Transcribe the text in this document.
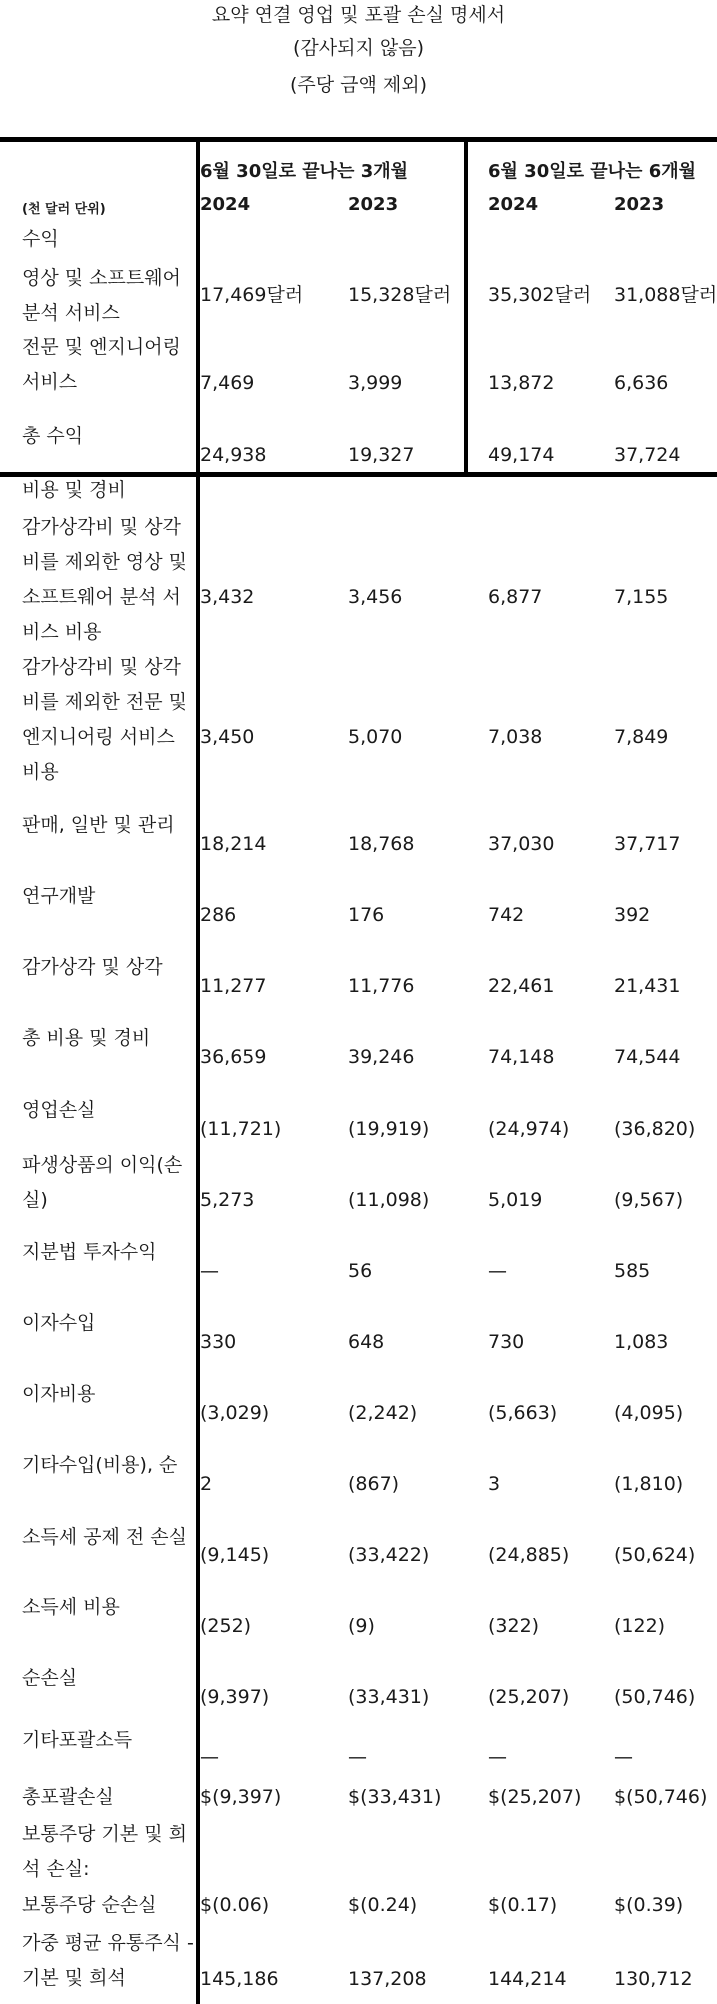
요약 연결 영업 및 포괄 손실 명세서
(감사되지 않음)
(주당 금액 제외)
6월 30일로 끝나는 3개월	6월 30일로 끝나는 6개월
2024	2023	2024	2023
(천 달러 단위)
수익
영상 및 소프트웨어 분석 서비스
17,469달러 15,328달러 35,302달러 31,088달러
전문 및 엔지니어링 서비스	7,469	3,999	13,872	6,636
총 수익
24,938	19,327	49,174	37,724
비용 및 경비
감가상각비 및 상각비를 제외한 영상 및 소프트웨어 분석 서비스 비용
3,432	3,456	6,877	7,155
감가상각비 및 상각비를 제외한 전문 및 엔지니어링 서비스 비용
3,450	5,070	7,038	7,849
판매, 일반 및 관리
18,214	18,768	37,030	37,717
연구개발
286	176	742	392
감가상각 및 상각
11,277	11,776	22,461	21,431
총 비용 및 경비
36,659	39,246	74,148	74,544
영업손실
(11,721)	(19,919)	(24,974) (36,820)
파생상품의 이익(손실)	5,273	(11,098)	5,019	(9,567)
지분법 투자수익
—	56	—	585
이자수입
330	648	730	1,083
이자비용
(3,029)	(2,242)	(5,663)	(4,095)
기타수입(비용), 순
2	(867)	3	(1,810)
소득세 공제 전 손실
(9,145)	(33,422)	(24,885) (50,624)
소득세 비용
(252)	(9)	(322)	(122)
순손실
(9,397)	(33,431)	(25,207) (50,746)
기타포괄소득
—	—	—	—
총포괄손실	$(9,397)	$(33,431) $(25,207) $(50,746)
보통주당 기본 및 희석 손실:
보통주당 순손실	$(0.06)	$(0.24)	$(0.17)	$(0.39)
가중 평균 유통주식 - 기본 및 희석	145,186	137,208	144,214 130,712
